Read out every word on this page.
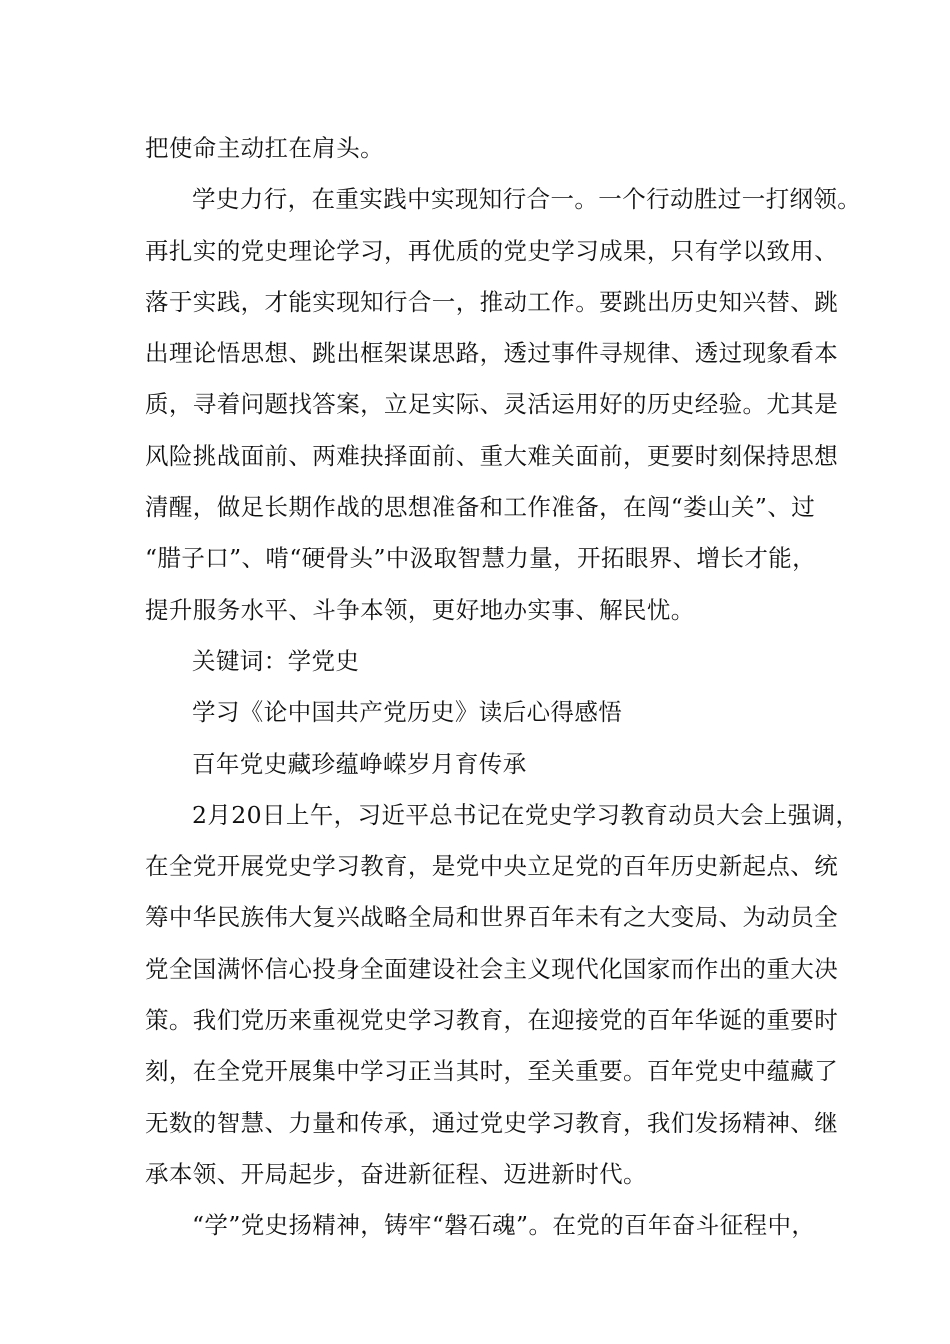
把使命主动扛在肩头。

学史力行，在重实践中实现知行合一。一个行动胜过一打纲领。
再扎实的党史理论学习，再优质的党史学习成果，只有学以致用、
落于实践，才能实现知行合一，推动工作。要跳出历史知兴替、跳
出理论悟思想、跳出框架谋思路，透过事件寻规律、透过现象看本
质，寻着问题找答案，立足实际、灵活运用好的历史经验。尤其是
风险挑战面前、两难抉择面前、重大难关面前，更要时刻保持思想
清醒，做足长期作战的思想准备和工作准备，在闯“娄山关”、过
“腊子口”、啃“硬骨头”中汲取智慧力量，开拓眼界、增长才能，
提升服务水平、斗争本领，更好地办实事、解民忧。

关键词：学党史

学习《论中国共产党历史》读后心得感悟

百年党史藏珍蕴峥嵘岁月育传承

2月20日上午，习近平总书记在党史学习教育动员大会上强调，
在全党开展党史学习教育，是党中央立足党的百年历史新起点、统
筹中华民族伟大复兴战略全局和世界百年未有之大变局、为动员全
党全国满怀信心投身全面建设社会主义现代化国家而作出的重大决
策。我们党历来重视党史学习教育，在迎接党的百年华诞的重要时
刻，在全党开展集中学习正当其时，至关重要。百年党史中蕴藏了
无数的智慧、力量和传承，通过党史学习教育，我们发扬精神、继
承本领、开局起步，奋进新征程、迈进新时代。

“学”党史扬精神，铸牢“磐石魂”。在党的百年奋斗征程中，
